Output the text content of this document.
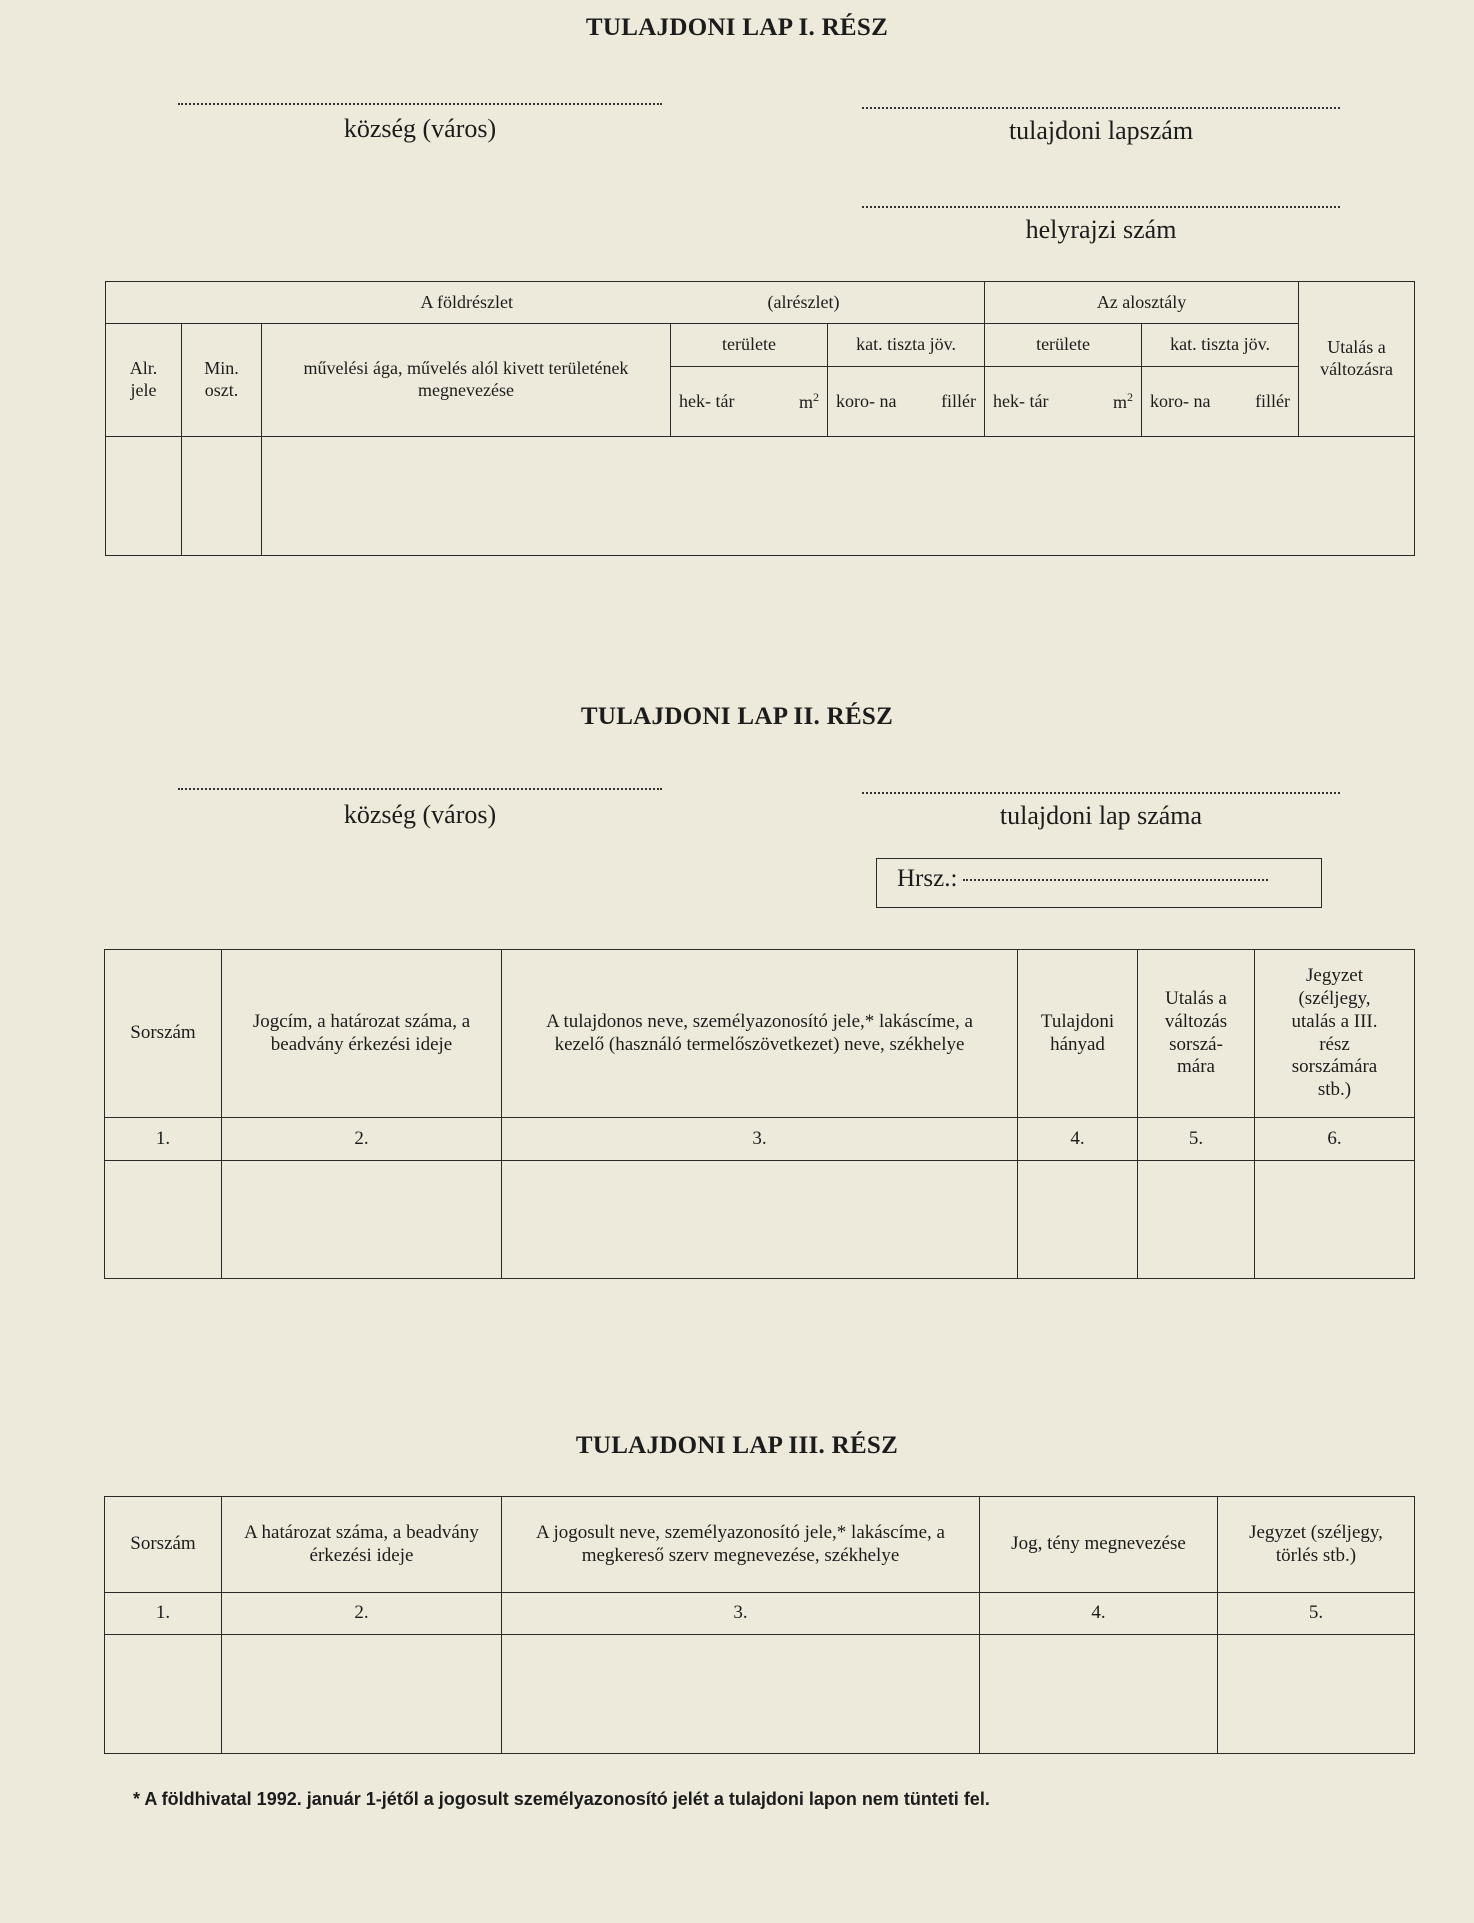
TULAJDONI LAP I. RÉSZ
község (város)	tulajdoni lapszám
helyrajzi szám
A földrészlet				(alrészlet)	Az alosztály		Utalás a változásra
Alr. jele	Min. oszt.	művelési ága, művelés alól kivett területének megnevezése	területe	kat. tiszta jöv.	területe	kat. tiszta jöv.	

			hek- tár $m^2$	koro- na fillér	hek- tár $m^2$	koro- na fillér	

TULAJDONI LAP II. RÉSZ
község (város)	tulajdoni lap száma
Hrsz.:
Sorszám	Jogcím, a határozat száma, a beadvány érkezési ideje	A tulajdonos neve, személyazonosító jele,* lakáscíme, a kezelő (használó termelőszövetkezet) neve, székhelye	Tulajdoni hányad	Utalás a változás sorszá- mára	Jegyzet (széljegy, utalás a III. rész sorszámára stb.)
1.	2.	3.	4.	5.	6.

TULAJDONI LAP III. RÉSZ
Sorszám	A határozat száma, a beadvány érkezési ideje	A jogosult neve, személyazonosító jele,* lakáscíme, a megkereső szerv megnevezése, székhelye	Jog, tény megnevezése	Jegyzet (széljegy, törlés stb.)
1.	2.	3.	4.	5.

* A földhivatal 1992. január 1-jétől a jogosult személyazonosító jelét a tulajdoni lapon nem tünteti fel.
